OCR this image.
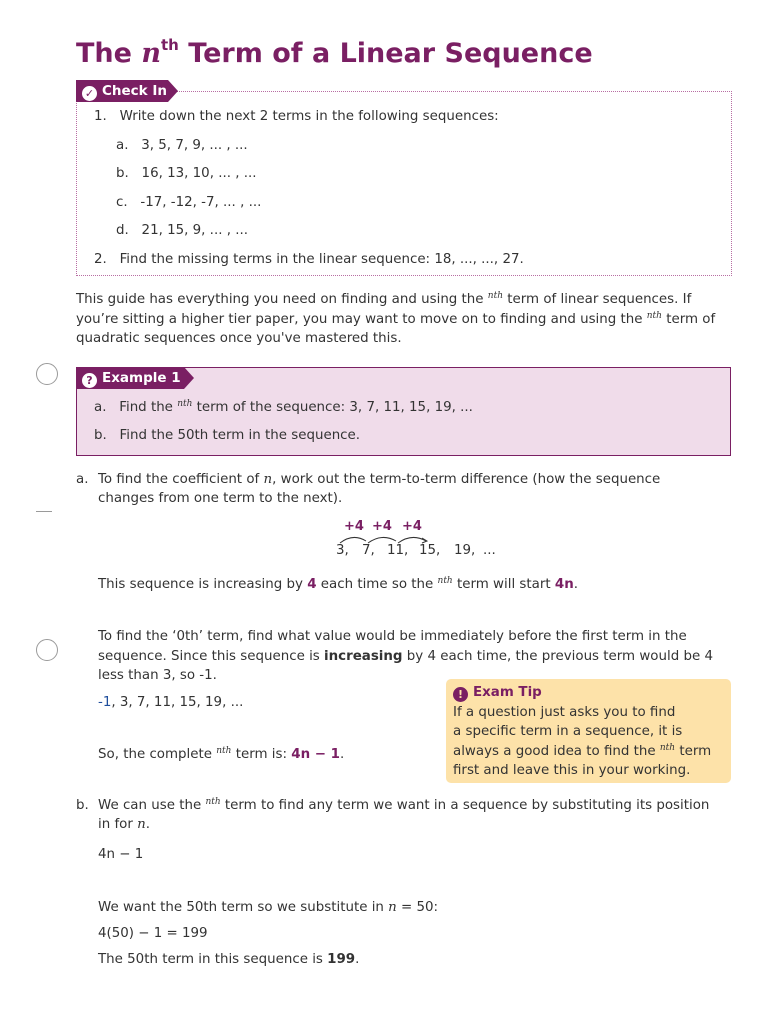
The $n^{th}$ Term of a Linear Sequence
✓ Check In
1. Write down the next 2 terms in the following sequences:
a. 3, 5, 7, 9, ... , ...
b. 16, 13, 10, ... , ...
c. -17, -12, -7, ... , ...
d. 21, 15, 9, ... , ...
2. Find the missing terms in the linear sequence: 18, ..., ..., 27.
This guide has everything you need on finding and using the $^{nth}$ term of linear sequences. If
you’re sitting a higher tier paper, you may want to move on to finding and using the $^{nth}$ term of
quadratic sequences once you've mastered this.
? Example 1
a. Find the $^{nth}$ term of the sequence: 3, 7, 11, 15, 19, ...
b. Find the 50th term in the sequence.
a. To find the coefficient of n, work out the term-to-term difference (how the sequence
changes from one term to the next).
+4 +4 +4
3, 7, 11, 15, 19, ...
This sequence is increasing by 4 each time so the $^{nth}$ term will start 4n.
To find the ‘0th’ term, find what value would be immediately before the first term in the
sequence. Since this sequence is increasing by 4 each time, the previous term would be 4
less than 3, so -1.
-1, 3, 7, 11, 15, 19, ...
So, the complete $^{nth}$ term is: 4n − 1.
! Exam Tip
If a question just asks you to find
a specific term in a sequence, it is
always a good idea to find the $^{nth}$ term
first and leave this in your working.
b. We can use the $^{nth}$ term to find any term we want in a sequence by substituting its position
in for n.
4n − 1
We want the 50th term so we substitute in n = 50:
4(50) − 1 = 199
The 50th term in this sequence is 199.
